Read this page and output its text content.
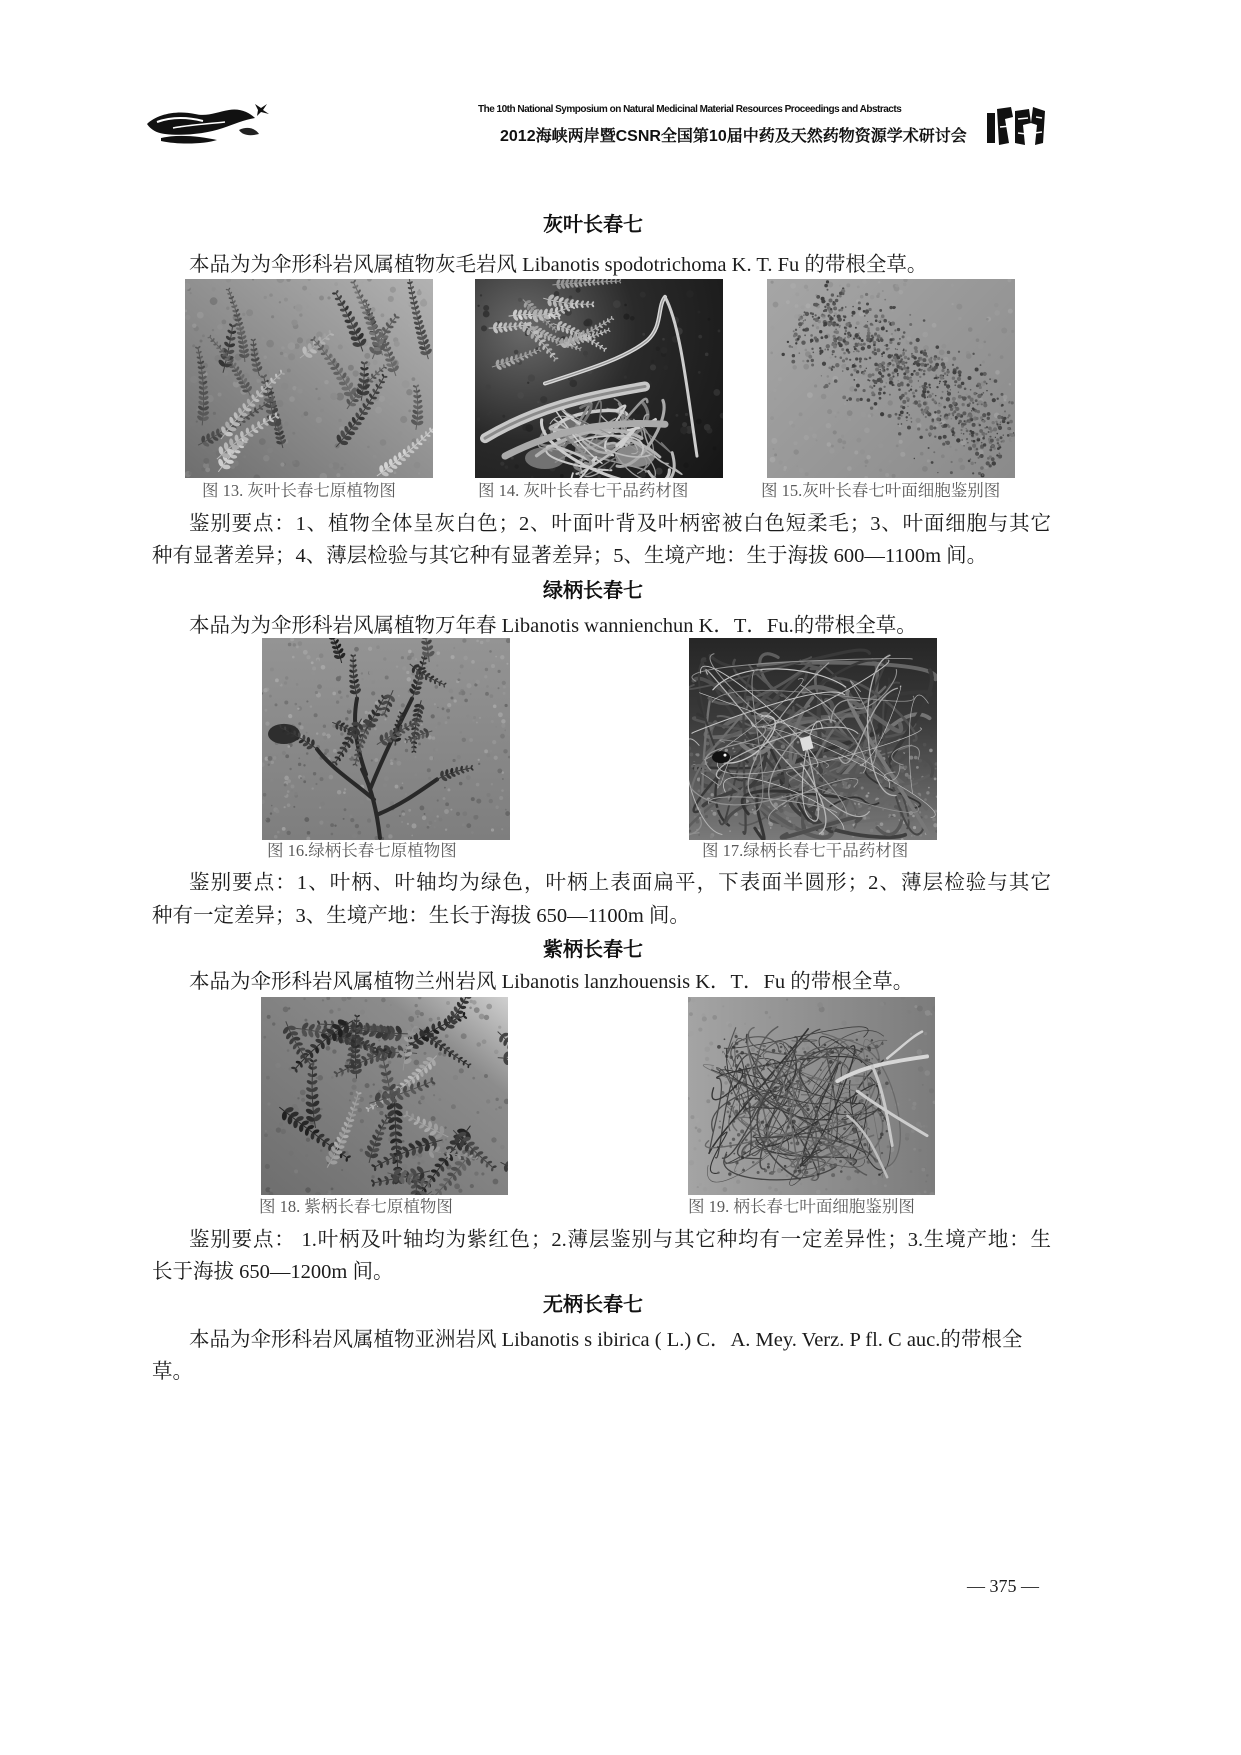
The 10th National Symposium on Natural Medicinal Material Resources Proceedings and Abstracts
2012海峡两岸暨CSNR全国第10届中药及天然药物资源学术研讨会
灰叶长春七
本品为为伞形科岩风属植物灰毛岩风 Libanotis spodotrichoma K. T. Fu 的带根全草。
图 13. 灰叶长春七原植物图	图 14. 灰叶长春七干品药材图	图 15.灰叶长春七叶面细胞鉴别图
鉴别要点：1、植物全体呈灰白色；2、叶面叶背及叶柄密被白色短柔毛；3、叶面细胞与其它
种有显著差异；4、薄层检验与其它种有显著差异；5、生境产地：生于海拔 600—1100m 间。
绿柄长春七
本品为为伞形科岩风属植物万年春 Libanotis wannienchun K．T．Fu.的带根全草。
图 16.绿柄长春七原植物图	图 17.绿柄长春七干品药材图
鉴别要点：1、叶柄、叶轴均为绿色，叶柄上表面扁平，下表面半圆形；2、薄层检验与其它
种有一定差异；3、生境产地：生长于海拔 650—1100m 间。
紫柄长春七
本品为伞形科岩风属植物兰州岩风 Libanotis lanzhouensis K．T．Fu 的带根全草。
图 18. 紫柄长春七原植物图	图 19. 柄长春七叶面细胞鉴别图
鉴别要点： 1.叶柄及叶轴均为紫红色；2.薄层鉴别与其它种均有一定差异性；3.生境产地：生
长于海拔 650—1200m 间。
无柄长春七
本品为伞形科岩风属植物亚洲岩风 Libanotis s ibirica ( L.) C．A. Mey. Verz. P fl. C auc.的带根全
草。
— 375 —
